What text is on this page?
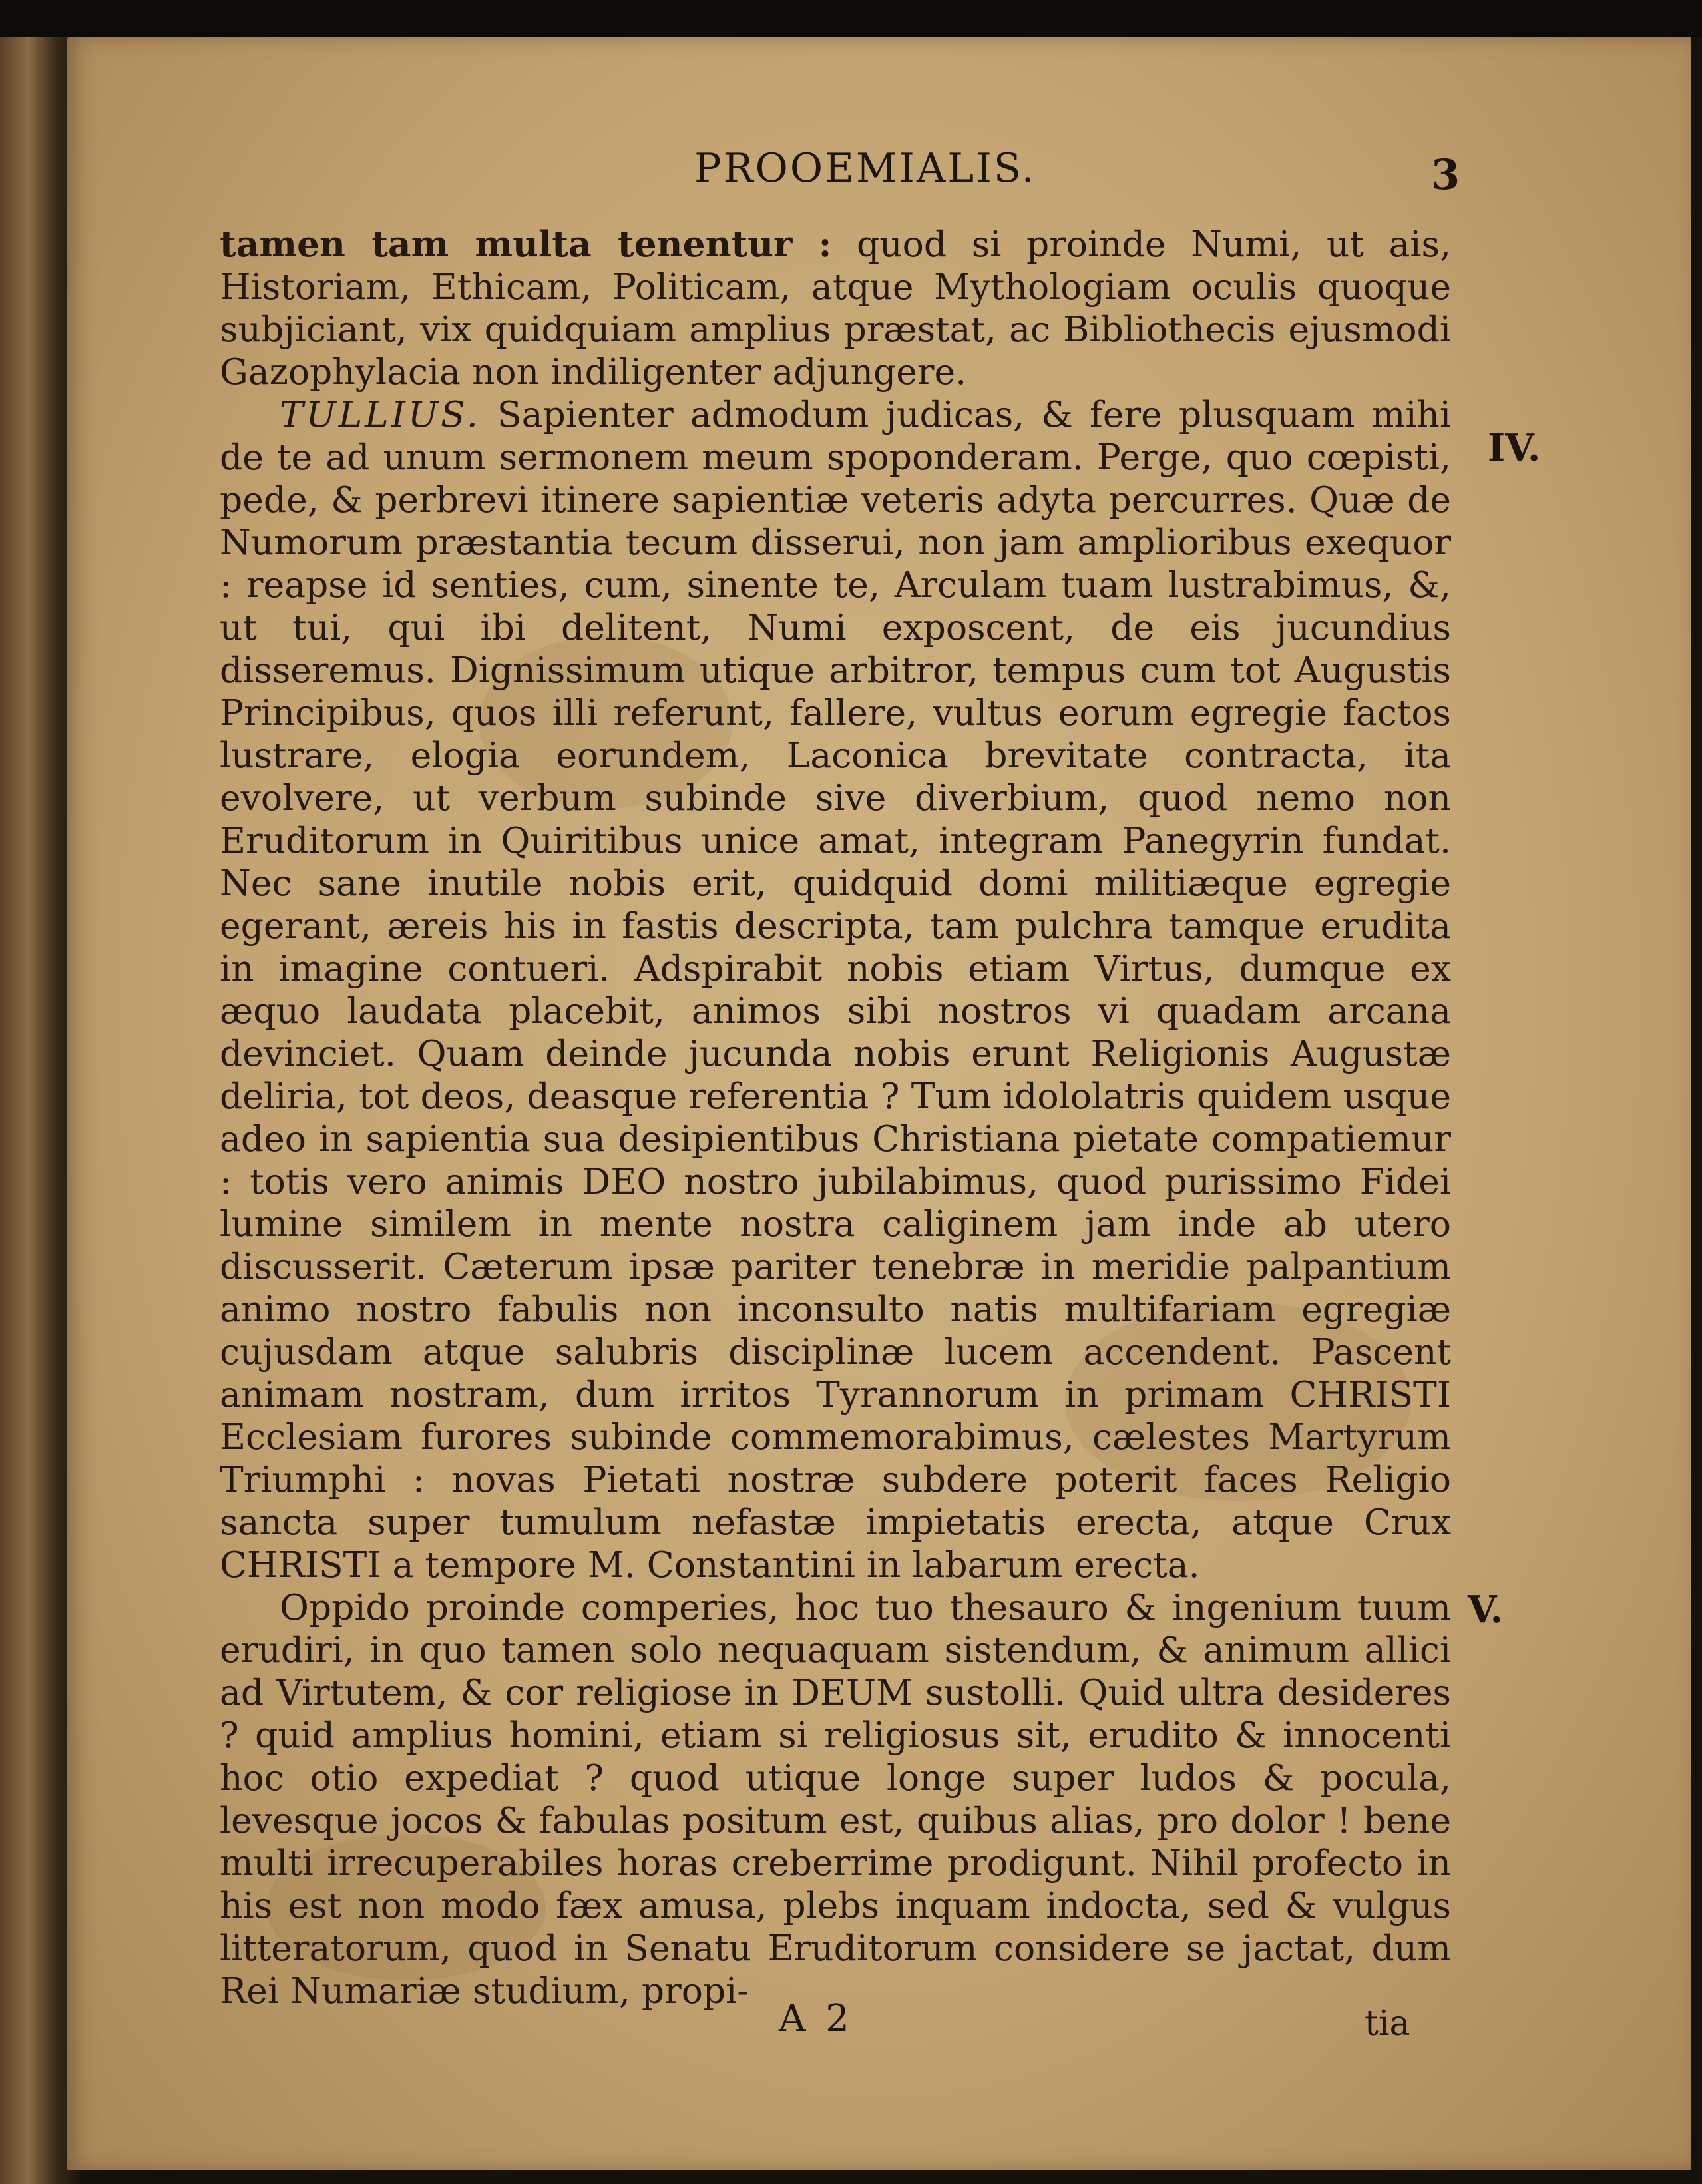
PROOEMIALIS.	3

tamen tam multa tenentur : quod si proinde Numi, ut ais, Historiam, Ethicam, Politicam, atque Mythologiam oculis quoque subjiciant, vix quidquiam amplius præstat, ac Bibliothecis ejusmodi Gazophylacia non indiligenter adjungere.

TULLIUS. Sapienter admodum judicas, & fere plusquam mihi de te ad unum sermonem meum spoponderam. Perge, quo cœpisti, pede, & perbrevi itinere sapientiæ veteris adyta percurres. Quæ de Numorum præstantia tecum disserui, non jam amplioribus exequor : reapse id senties, cum, sinente te, Arculam tuam lustrabimus, &, ut tui, qui ibi delitent, Numi exposcent, de eis jucundius disseremus. Dignissimum utique arbitror, tempus cum tot Augustis Principibus, quos illi referunt, fallere, vultus eorum egregie factos lustrare, elogia eorundem, Laconica brevitate contracta, ita evolvere, ut verbum subinde sive diverbium, quod nemo non Eruditorum in Quiritibus unice amat, integram Panegyrin fundat. Nec sane inutile nobis erit, quidquid domi militiæque egregie egerant, æreis his in fastis descripta, tam pulchra tamque erudita in imagine contueri. Adspirabit nobis etiam Virtus, dumque ex æquo laudata placebit, animos sibi nostros vi quadam arcana devinciet. Quam deinde jucunda nobis erunt Religionis Augustæ deliria, tot deos, deasque referentia ? Tum idololatris quidem usque adeo in sapientia sua desipientibus Christiana pietate compatiemur : totis vero animis DEO nostro jubilabimus, quod purissimo Fidei lumine similem in mente nostra caliginem jam inde ab utero discusserit. Cæterum ipsæ pariter tenebræ in meridie palpantium animo nostro fabulis non inconsulto natis multifariam egregiæ cujusdam atque salubris disciplinæ lucem accendent. Pascent animam nostram, dum irritos Tyrannorum in primam CHRISTI Ecclesiam furores subinde commemorabimus, cælestes Martyrum Triumphi : novas Pietati nostræ subdere poterit faces Religio sancta super tumulum nefastæ impietatis erecta, atque Crux CHRISTI a tempore M. Constantini in labarum erecta.

Oppido proinde comperies, hoc tuo thesauro & ingenium tuum erudiri, in quo tamen solo nequaquam sistendum, & animum allici ad Virtutem, & cor religiose in DEUM sustolli. Quid ultra desideres ? quid amplius homini, etiam si religiosus sit, erudito & innocenti hoc otio expediat ? quod utique longe super ludos & pocula, levesque jocos & fabulas positum est, quibus alias, pro dolor ! bene multi irrecuperabiles horas creberrime prodigunt. Nihil profecto in his est non modo fæx amusa, plebs inquam indocta, sed & vulgus litteratorum, quod in Senatu Eruditorum considere se jactat, dum Rei Numariæ studium, propi-

IV.
V.
A 2	tia
